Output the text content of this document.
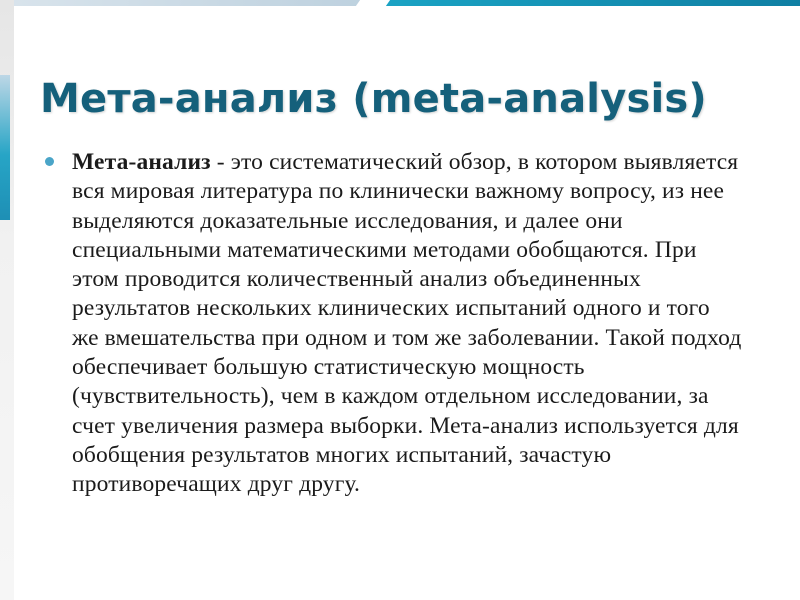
Мета-анализ (meta-analysis)

Мета-анализ - это систематический обзор, в котором выявляется вся мировая литература по клинически важному вопросу, из нее выделяются доказательные исследования, и далее они специальными математическими методами обобщаются. При этом проводится количественный анализ объединенных результатов нескольких клинических испытаний одного и того же вмешательства при одном и том же заболевании. Такой подход обеспечивает большую статистическую мощность (чувствительность), чем в каждом отдельном исследовании, за счет увеличения размера выборки. Мета-анализ используется для обобщения результатов многих испытаний, зачастую противоречащих друг другу.
